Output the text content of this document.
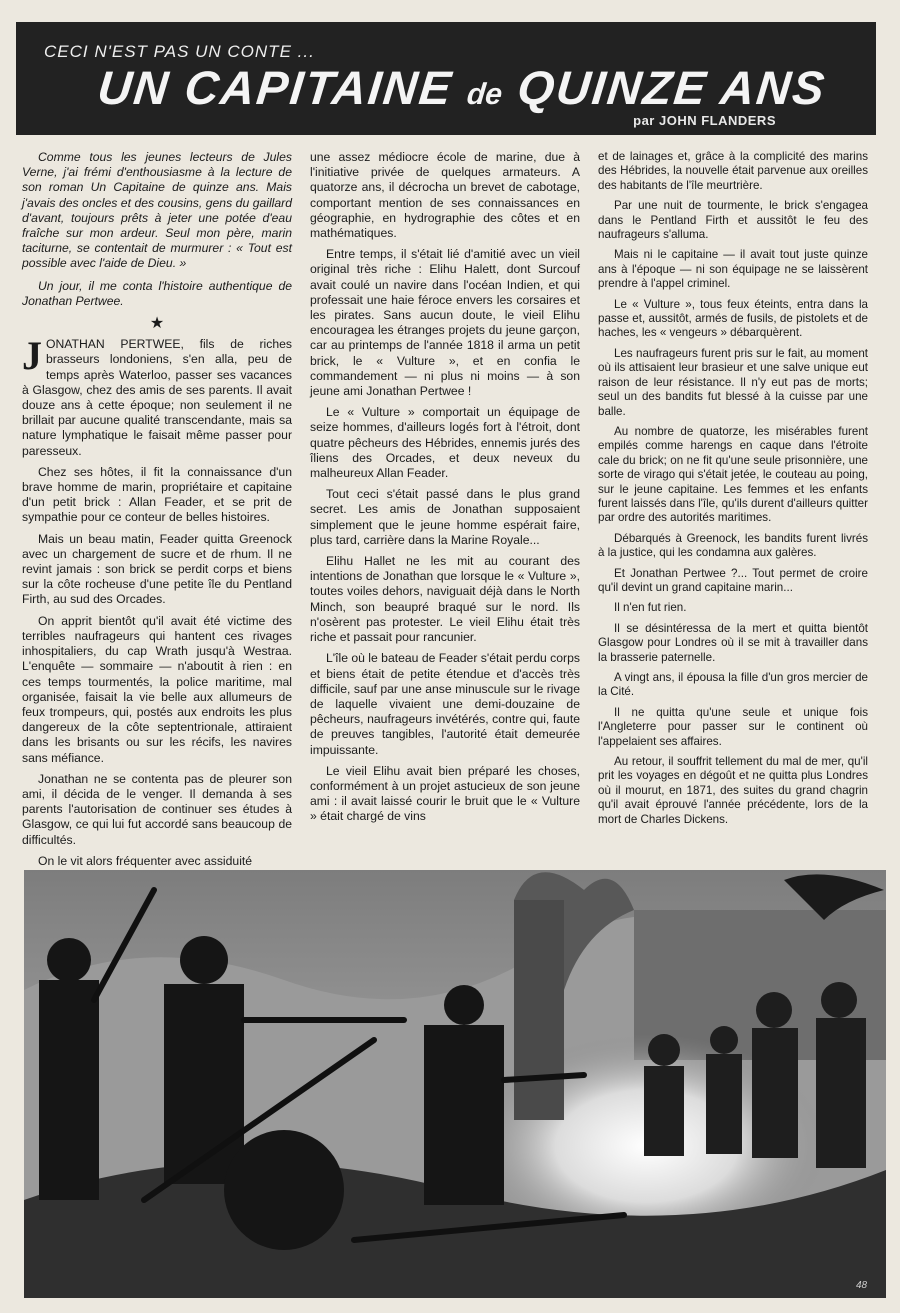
CECI N'EST PAS UN CONTE ...
UN CAPITAINE de QUINZE ANS
par JOHN FLANDERS

Comme tous les jeunes lecteurs de Jules Verne, j'ai frémi d'enthousiasme à la lecture de son roman Un Capitaine de quinze ans. Mais j'avais des oncles et des cousins, gens du gaillard d'avant, toujours prêts à jeter une potée d'eau fraîche sur mon ardeur. Seul mon père, marin taciturne, se contentait de murmurer : « Tout est possible avec l'aide de Dieu. »

Un jour, il me conta l'histoire authentique de Jonathan Pertwee.

★

JONATHAN PERTWEE, fils de riches brasseurs londoniens, s'en alla, peu de temps après Waterloo, passer ses vacances à Glasgow, chez des amis de ses parents. Il avait douze ans à cette époque; non seulement il ne brillait par aucune qualité transcendante, mais sa nature lymphatique le faisait même passer pour paresseux.

Chez ses hôtes, il fit la connaissance d'un brave homme de marin, propriétaire et capitaine d'un petit brick : Allan Feader, et se prit de sympathie pour ce conteur de belles histoires.

Mais un beau matin, Feader quitta Greenock avec un chargement de sucre et de rhum. Il ne revint jamais : son brick se perdit corps et biens sur la côte rocheuse d'une petite île du Pentland Firth, au sud des Orcades.

On apprit bientôt qu'il avait été victime des terribles naufrageurs qui hantent ces rivages inhospitaliers, du cap Wrath jusqu'à Westraa. L'enquête — sommaire — n'aboutit à rien : en ces temps tourmentés, la police maritime, mal organisée, faisait la vie belle aux allumeurs de feux trompeurs, qui, postés aux endroits les plus dangereux de la côte septentrionale, attiraient dans les brisants ou sur les récifs, les navires sans méfiance.

Jonathan ne se contenta pas de pleurer son ami, il décida de le venger. Il demanda à ses parents l'autorisation de continuer ses études à Glasgow, ce qui lui fut accordé sans beaucoup de difficultés.

On le vit alors fréquenter avec assiduité

une assez médiocre école de marine, due à l'initiative privée de quelques armateurs. A quatorze ans, il décrocha un brevet de cabotage, comportant mention de ses connaissances en géographie, en hydrographie des côtes et en mathématiques.

Entre temps, il s'était lié d'amitié avec un vieil original très riche : Elihu Halett, dont Surcouf avait coulé un navire dans l'océan Indien, et qui professait une haie féroce envers les corsaires et les pirates. Sans aucun doute, le vieil Elihu encouragea les étranges projets du jeune garçon, car au printemps de l'année 1818 il arma un petit brick, le « Vulture », et en confia le commandement — ni plus ni moins — à son jeune ami Jonathan Pertwee !

Le « Vulture » comportait un équipage de seize hommes, d'ailleurs logés fort à l'étroit, dont quatre pêcheurs des Hébrides, ennemis jurés des îliens des Orcades, et deux neveux du malheureux Allan Feader.

Tout ceci s'était passé dans le plus grand secret. Les amis de Jonathan supposaient simplement que le jeune homme espérait faire, plus tard, carrière dans la Marine Royale...

Elihu Hallet ne les mit au courant des intentions de Jonathan que lorsque le « Vulture », toutes voiles dehors, naviguait déjà dans le North Minch, son beaupré braqué sur le nord. Ils n'osèrent pas protester. Le vieil Elihu était très riche et passait pour rancunier.

L'île où le bateau de Feader s'était perdu corps et biens était de petite étendue et d'accès très difficile, sauf par une anse minuscule sur le rivage de laquelle vivaient une demi-douzaine de pêcheurs, naufrageurs invétérés, contre qui, faute de preuves tangibles, l'autorité était demeurée impuissante.

Le vieil Elihu avait bien préparé les choses, conformément à un projet astucieux de son jeune ami : il avait laissé courir le bruit que le « Vulture » était chargé de vins

et de lainages et, grâce à la complicité des marins des Hébrides, la nouvelle était parvenue aux oreilles des habitants de l'île meurtrière.

Par une nuit de tourmente, le brick s'engagea dans le Pentland Firth et aussitôt le feu des naufrageurs s'alluma.

Mais ni le capitaine — il avait tout juste quinze ans à l'époque — ni son équipage ne se laissèrent prendre à l'appel criminel.

Le « Vulture », tous feux éteints, entra dans la passe et, aussitôt, armés de fusils, de pistolets et de haches, les « vengeurs » débarquèrent.

Les naufrageurs furent pris sur le fait, au moment où ils attisaient leur brasieur et une salve unique eut raison de leur résistance. Il n'y eut pas de morts; seul un des bandits fut blessé à la cuisse par une balle.

Au nombre de quatorze, les misérables furent empilés comme harengs en caque dans l'étroite cale du brick; on ne fit qu'une seule prisonnière, une sorte de virago qui s'était jetée, le couteau au poing, sur le jeune capitaine. Les femmes et les enfants furent laissés dans l'île, qu'ils durent d'ailleurs quitter par ordre des autorités maritimes.

Débarqués à Greenock, les bandits furent livrés à la justice, qui les condamna aux galères.

Et Jonathan Pertwee ?... Tout permet de croire qu'il devint un grand capitaine marin...

Il n'en fut rien.

Il se désintéressa de la mert et quitta bientôt Glasgow pour Londres où il se mit à travailler dans la brasserie paternelle.

A vingt ans, il épousa la fille d'un gros mercier de la Cité.

Il ne quitta qu'une seule et unique fois l'Angleterre pour passer sur le continent où l'appelaient ses affaires.

Au retour, il souffrit tellement du mal de mer, qu'il prit les voyages en dégoût et ne quitta plus Londres où il mourut, en 1871, des suites du grand chagrin qu'il avait éprouvé l'année précédente, lors de la mort de Charles Dickens.

48
